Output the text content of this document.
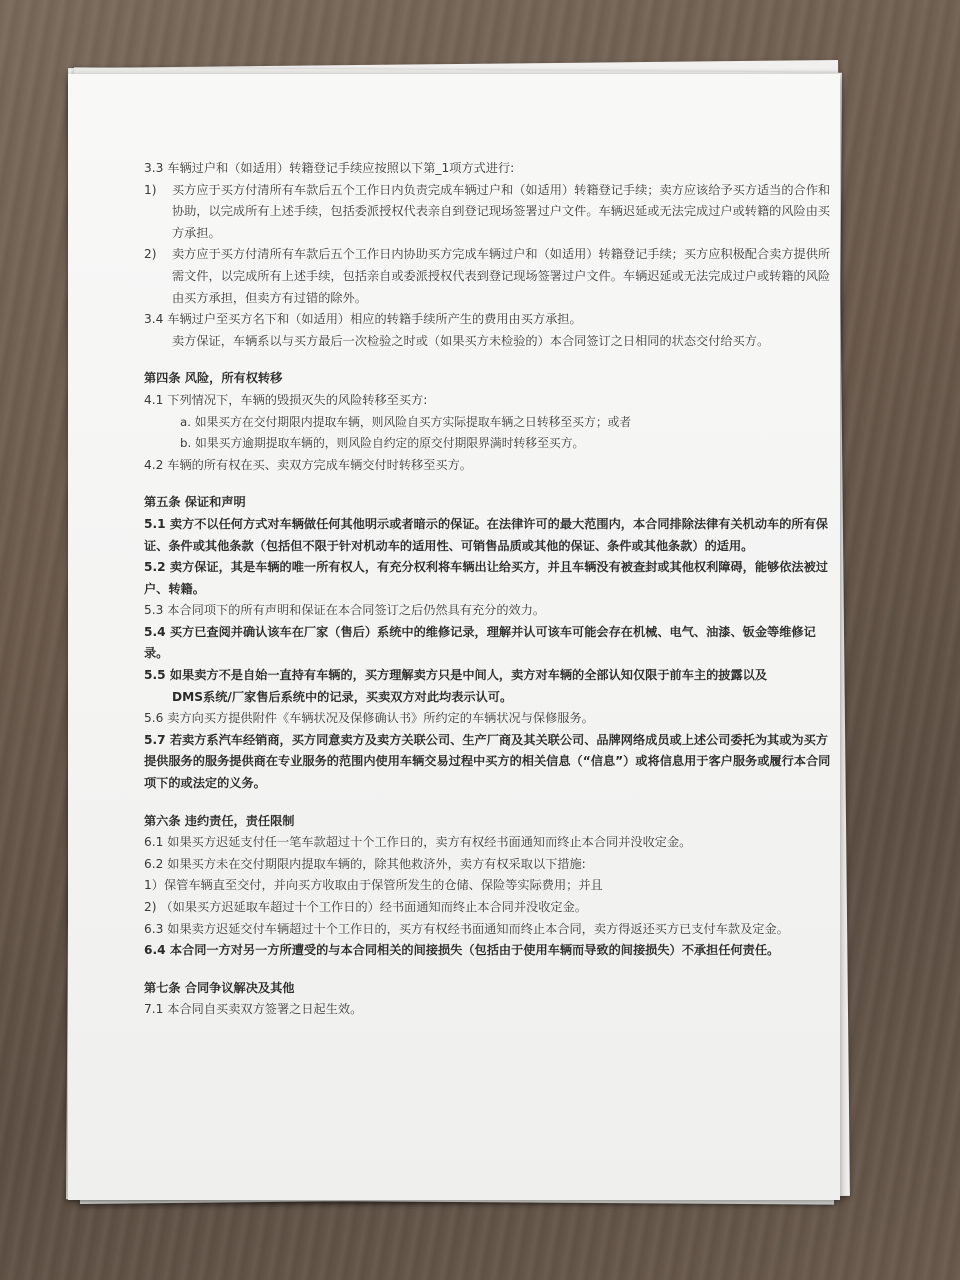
3.3 车辆过户和（如适用）转籍登记手续应按照以下第_1项方式进行:

1) 买方应于买方付清所有车款后五个工作日内负责完成车辆过户和（如适用）转籍登记手续；卖方应该给予买方适当的合作和协助，以完成所有上述手续，包括委派授权代表亲自到登记现场签署过户文件。车辆迟延或无法完成过户或转籍的风险由买方承担。

2) 卖方应于买方付清所有车款后五个工作日内协助买方完成车辆过户和（如适用）转籍登记手续；买方应积极配合卖方提供所需文件，以完成所有上述手续，包括亲自或委派授权代表到登记现场签署过户文件。车辆迟延或无法完成过户或转籍的风险由买方承担，但卖方有过错的除外。

3.4 车辆过户至买方名下和（如适用）相应的转籍手续所产生的费用由买方承担。

卖方保证，车辆系以与买方最后一次检验之时或（如果买方未检验的）本合同签订之日相同的状态交付给买方。

第四条 风险，所有权转移

4.1 下列情况下，车辆的毁损灭失的风险转移至买方:

a. 如果买方在交付期限内提取车辆，则风险自买方实际提取车辆之日转移至买方；或者

b. 如果买方逾期提取车辆的，则风险自约定的原交付期限界满时转移至买方。

4.2 车辆的所有权在买、卖双方完成车辆交付时转移至买方。

第五条 保证和声明

5.1 卖方不以任何方式对车辆做任何其他明示或者暗示的保证。在法律许可的最大范围内，本合同排除法律有关机动车的所有保证、条件或其他条款（包括但不限于针对机动车的适用性、可销售品质或其他的保证、条件或其他条款）的适用。

5.2 卖方保证，其是车辆的唯一所有权人，有充分权利将车辆出让给买方，并且车辆没有被查封或其他权利障碍，能够依法被过户、转籍。

5.3 本合同项下的所有声明和保证在本合同签订之后仍然具有充分的效力。

5.4 买方已查阅并确认该车在厂家（售后）系统中的维修记录，理解并认可该车可能会存在机械、电气、油漆、钣金等维修记录。

5.5 如果卖方不是自始一直持有车辆的，买方理解卖方只是中间人，卖方对车辆的全部认知仅限于前车主的披露以及

DMS系统/厂家售后系统中的记录，买卖双方对此均表示认可。

5.6 卖方向买方提供附件《车辆状况及保修确认书》所约定的车辆状况与保修服务。

5.7 若卖方系汽车经销商，买方同意卖方及卖方关联公司、生产厂商及其关联公司、品牌网络成员或上述公司委托为其或为买方提供服务的服务提供商在专业服务的范围内使用车辆交易过程中买方的相关信息（“信息”）或将信息用于客户服务或履行本合同项下的或法定的义务。

第六条 违约责任，责任限制

6.1 如果买方迟延支付任一笔车款超过十个工作日的，卖方有权经书面通知而终止本合同并没收定金。

6.2 如果买方未在交付期限内提取车辆的，除其他救济外，卖方有权采取以下措施:

1）保管车辆直至交付，并向买方收取由于保管所发生的仓储、保险等实际费用；并且

2) （如果买方迟延取车超过十个工作日的）经书面通知而终止本合同并没收定金。

6.3 如果卖方迟延交付车辆超过十个工作日的，买方有权经书面通知而终止本合同，卖方得返还买方已支付车款及定金。

6.4 本合同一方对另一方所遭受的与本合同相关的间接损失（包括由于使用车辆而导致的间接损失）不承担任何责任。

第七条 合同争议解决及其他

7.1 本合同自买卖双方签署之日起生效。
